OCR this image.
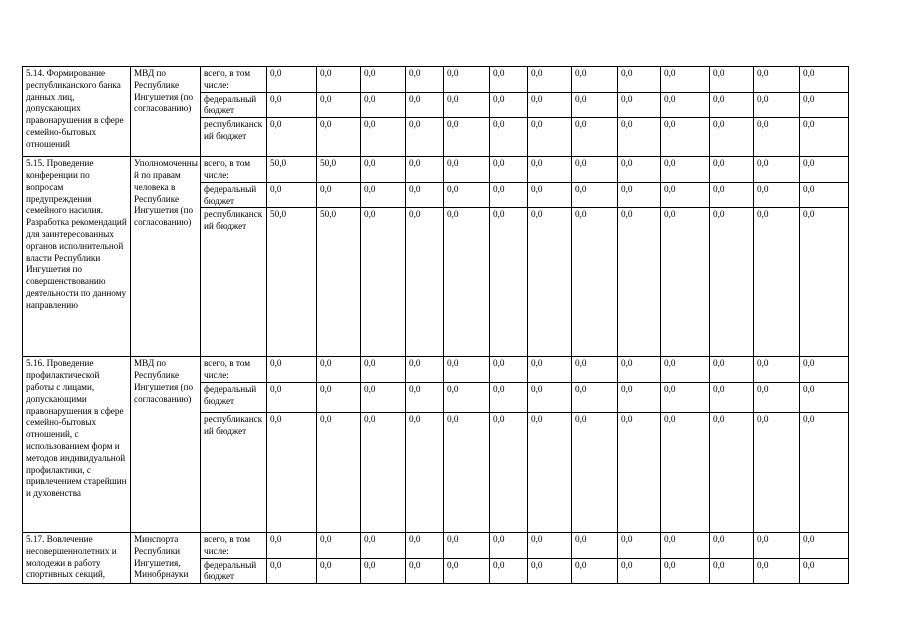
5.14. Формирование республиканского банка данных лиц, допускающих правонарушения в сфере семейно-бытовых отношений	МВД по Республике Ингушетия (по согласованию)	всего, в том числе:	0,0	0,0	0,0	0,0	0,0	0,0	0,0	0,0	0,0	0,0	0,0	0,0	0,0
		федеральный бюджет	0,0	0,0	0,0	0,0	0,0	0,0	0,0	0,0	0,0	0,0	0,0	0,0	0,0
		республиканский бюджет	0,0	0,0	0,0	0,0	0,0	0,0	0,0	0,0	0,0	0,0	0,0	0,0	0,0
5.15. Проведение конференции по вопросам предупреждения семейного насилия. Разработка рекомендаций для заинтересованных органов исполнительной власти Республики Ингушетия по совершенствованию деятельности по данному направлению	Уполномоченный по правам человека в Республике Ингушетия (по согласованию)	всего, в том числе:	50,0	50,0	0,0	0,0	0,0	0,0	0,0	0,0	0,0	0,0	0,0	0,0	0,0
		федеральный бюджет	0,0	0,0	0,0	0,0	0,0	0,0	0,0	0,0	0,0	0,0	0,0	0,0	0,0
		республиканский бюджет	50,0	50,0	0,0	0,0	0,0	0,0	0,0	0,0	0,0	0,0	0,0	0,0	0,0
5.16. Проведение профилактической работы с лицами, допускающими правонарушения в сфере семейно-бытовых отношений, с использованием форм и методов индивидуальной профилактики, с привлечением старейшин и духовенства	МВД по Республике Ингушетия (по согласованию)	всего, в том числе:	0,0	0,0	0,0	0,0	0,0	0,0	0,0	0,0	0,0	0,0	0,0	0,0	0,0
		федеральный бюджет	0,0	0,0	0,0	0,0	0,0	0,0	0,0	0,0	0,0	0,0	0,0	0,0	0,0
		республиканский бюджет	0,0	0,0	0,0	0,0	0,0	0,0	0,0	0,0	0,0	0,0	0,0	0,0	0,0
5.17. Вовлечение несовершеннолетних и молодежи в работу спортивных секций,	Минспорта Республики Ингушетия, Минобрнауки	всего, в том числе:	0,0	0,0	0,0	0,0	0,0	0,0	0,0	0,0	0,0	0,0	0,0	0,0	0,0
		федеральный бюджет	0,0	0,0	0,0	0,0	0,0	0,0	0,0	0,0	0,0	0,0	0,0	0,0	0,0
